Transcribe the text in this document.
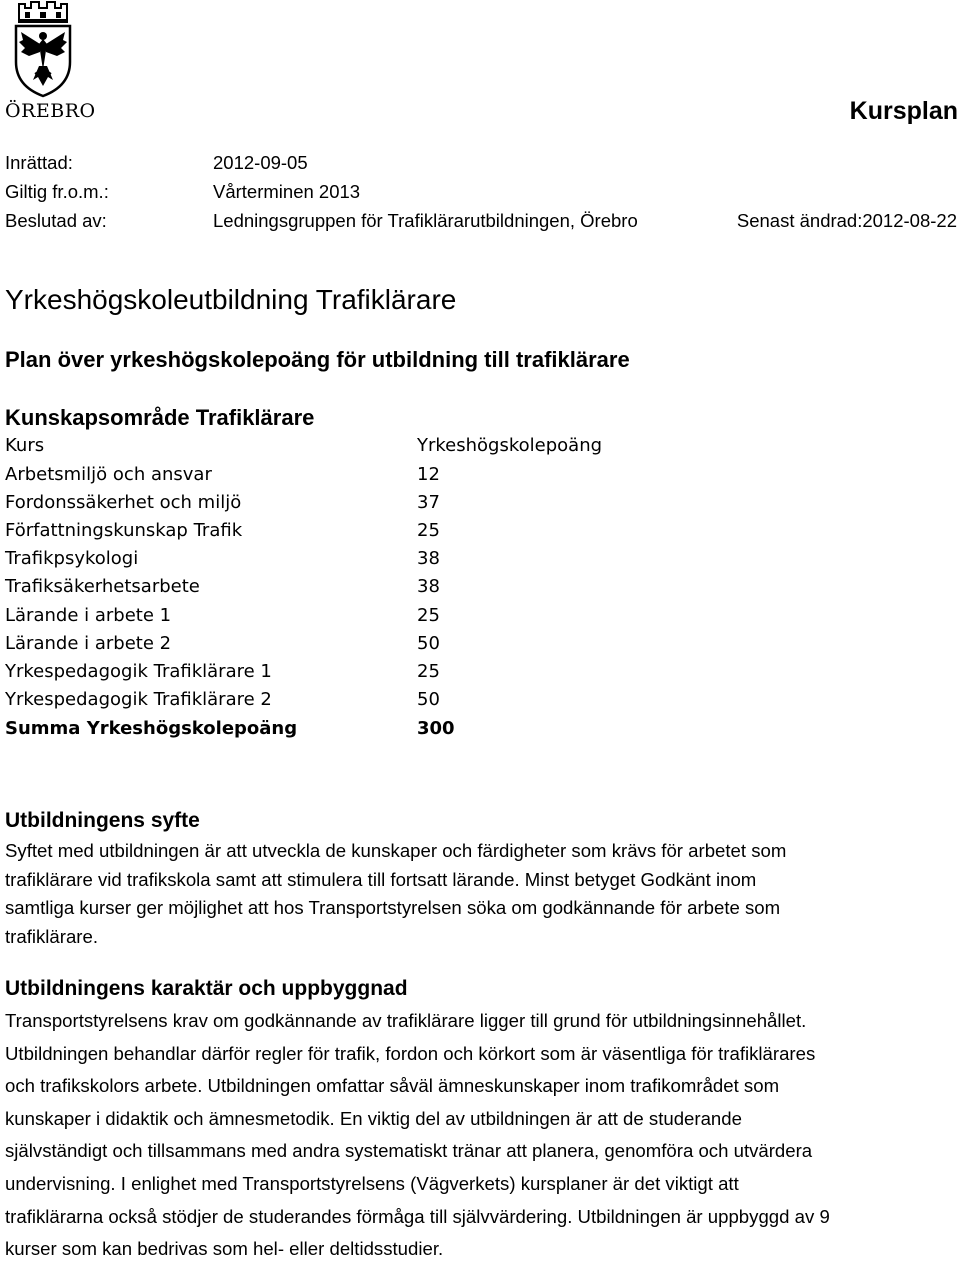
ÖREBRO	Kursplan
Inrättad:	2012-09-05
Giltig fr.o.m.:	Vårterminen 2013
Beslutad av:	Ledningsgruppen för Trafiklärarutbildningen, Örebro	Senast ändrad:2012-08-22
Yrkeshögskoleutbildning Trafiklärare
Plan över yrkeshögskolepoäng för utbildning till trafiklärare
Kunskapsområde Trafiklärare
Kurs	Yrkeshögskolepoäng
Arbetsmiljö och ansvar	12
Fordonssäkerhet och miljö	37
Författningskunskap Trafik	25
Trafikpsykologi	38
Trafiksäkerhetsarbete	38
Lärande i arbete 1	25
Lärande i arbete 2	50
Yrkespedagogik Trafiklärare 1	25
Yrkespedagogik Trafiklärare 2	50
Summa Yrkeshögskolepoäng	300
Utbildningens syfte
Syftet med utbildningen är att utveckla de kunskaper och färdigheter som krävs för arbetet som
trafiklärare vid trafikskola samt att stimulera till fortsatt lärande. Minst betyget Godkänt inom
samtliga kurser ger möjlighet att hos Transportstyrelsen söka om godkännande för arbete som
trafiklärare.
Utbildningens karaktär och uppbyggnad
Transportstyrelsens krav om godkännande av trafiklärare ligger till grund för utbildningsinnehållet.
Utbildningen behandlar därför regler för trafik, fordon och körkort som är väsentliga för trafiklärares
och trafikskolors arbete. Utbildningen omfattar såväl ämneskunskaper inom trafikområdet som
kunskaper i didaktik och ämnesmetodik. En viktig del av utbildningen är att de studerande
självständigt och tillsammans med andra systematiskt tränar att planera, genomföra och utvärdera
undervisning. I enlighet med Transportstyrelsens (Vägverkets) kursplaner är det viktigt att
trafiklärarna också stödjer de studerandes förmåga till självvärdering. Utbildningen är uppbyggd av 9
kurser som kan bedrivas som hel- eller deltidsstudier.
